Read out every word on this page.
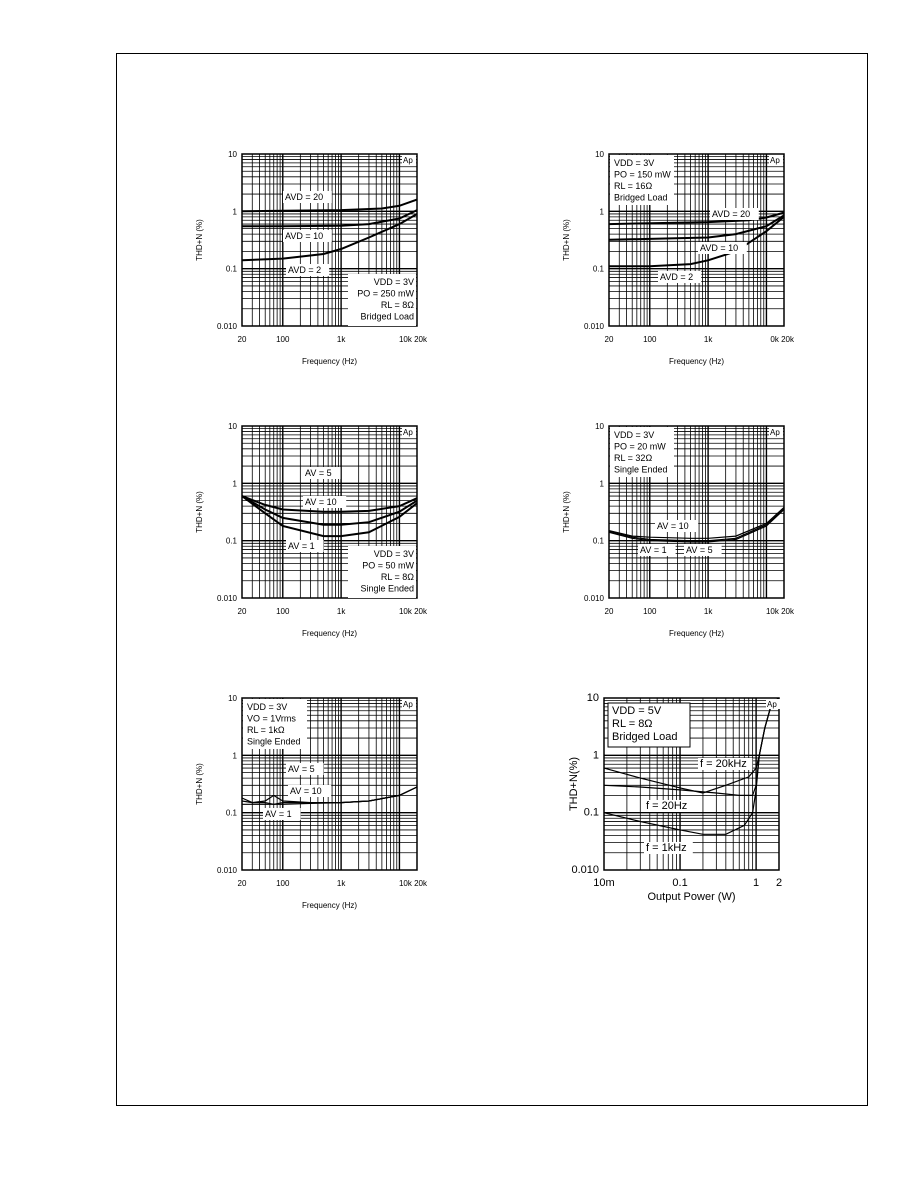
AVD = 20
AVD = 10
AVD = 2
VDD = 3V
PO = 250 mW
RL = 8Ω
Bridged Load
Ap
10
1
0.1
0.010
20	100	1k	10k 20k
Frequency (Hz)
THD+N (%)
AVD = 20
AVD = 10
AVD = 2
VDD = 3V
PO = 150 mW
RL = 16Ω
Bridged Load
Ap
10
1
0.1
0.010
20	100	1k	0k 20k
Frequency (Hz)
THD+N (%)
AV = 5
AV = 10
AV = 1
VDD = 3V
PO = 50 mW
RL = 8Ω
Single Ended
Ap
10
1
0.1
0.010
20	100	1k	10k 20k
Frequency (Hz)
THD+N (%)	AV = 10
AV = 1 AV = 5
VDD = 3V
PO = 20 mW
RL = 32Ω
Single Ended
Ap
10
1
0.1
0.010
20	100	1k	10k 20k
Frequency (Hz)
THD+N (%)
AV = 5
AV = 10
AV = 1
VDD = 3V
VO = 1Vrms
RL = 1kΩ
Single Ended
Ap
10
1
0.1
0.010
20	100	1k	10k 20k
Frequency (Hz)
THD+N (%)	f = 20kHz
f = 20Hz
f = 1kHz
VDD = 5V
RL = 8Ω
Bridged Load
Ap
10
1
0.1
0.010
10m	0.1	1 2
Output Power (W)
THD+N(%)
